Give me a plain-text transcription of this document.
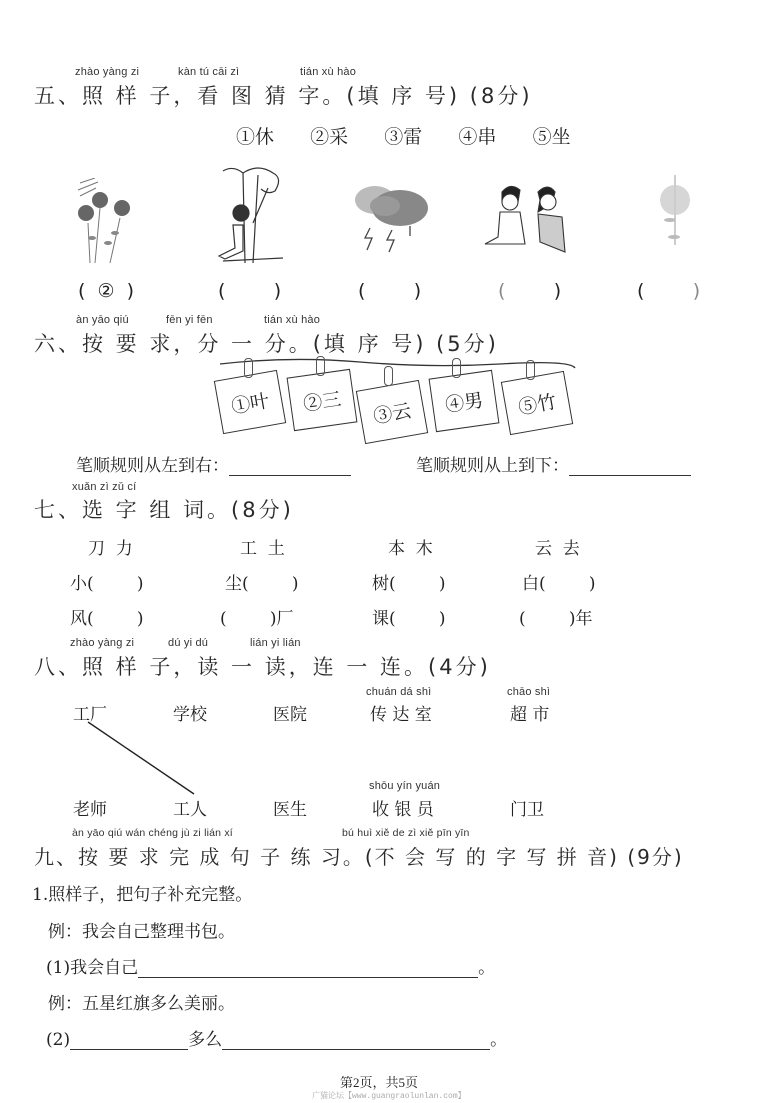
zhào yàng zi	kàn tú cāi zì	tián xù hào
五、照 样 子，看 图 猜 字。(填 序 号) (8分)
①休 ②采 ③雷 ④串 ⑤坐
( ② )	(	)	(	)	(	)	(	)
àn yāo qiú	fēn yi fēn	tián xù hào
六、按 要 求，分 一 分。(填 序 号) (5分)
①叶	②三	③云	④男	⑤竹
笔顺规则从左到右：	笔顺规则从上到下：
xuǎn zì zǔ cí
七、选 字 组 词。(8分)
刀  力	工  土	本  木	云  去
小(        )	尘(        )	树(        )	白(        )
风(        )	(        )厂	课(        )	(        )年
zhào yàng zi	dú yi dú	lián yi lián
八、照 样 子，读 一 读，连 一 连。(4分)
chuán dá shì	chāo shì
工厂	学校	医院	传 达 室	超 市
shōu yín yuán
老师	工人	医生	收 银 员	门卫
àn yāo qiú wán chéng jù zi lián xí	bú huì xiě de zì xiě pīn yīn
九、按 要 求 完 成 句 子 练 习。(不 会 写 的 字 写 拼 音) (9分)
1.照样子，把句子补充完整。
例：我会自己整理书包。
(1)我会自己	。
例：五星红旗多么美丽。
(2)	多么	。
第2页，共5页
广猫论坛【www.guangraolunlan.com】
